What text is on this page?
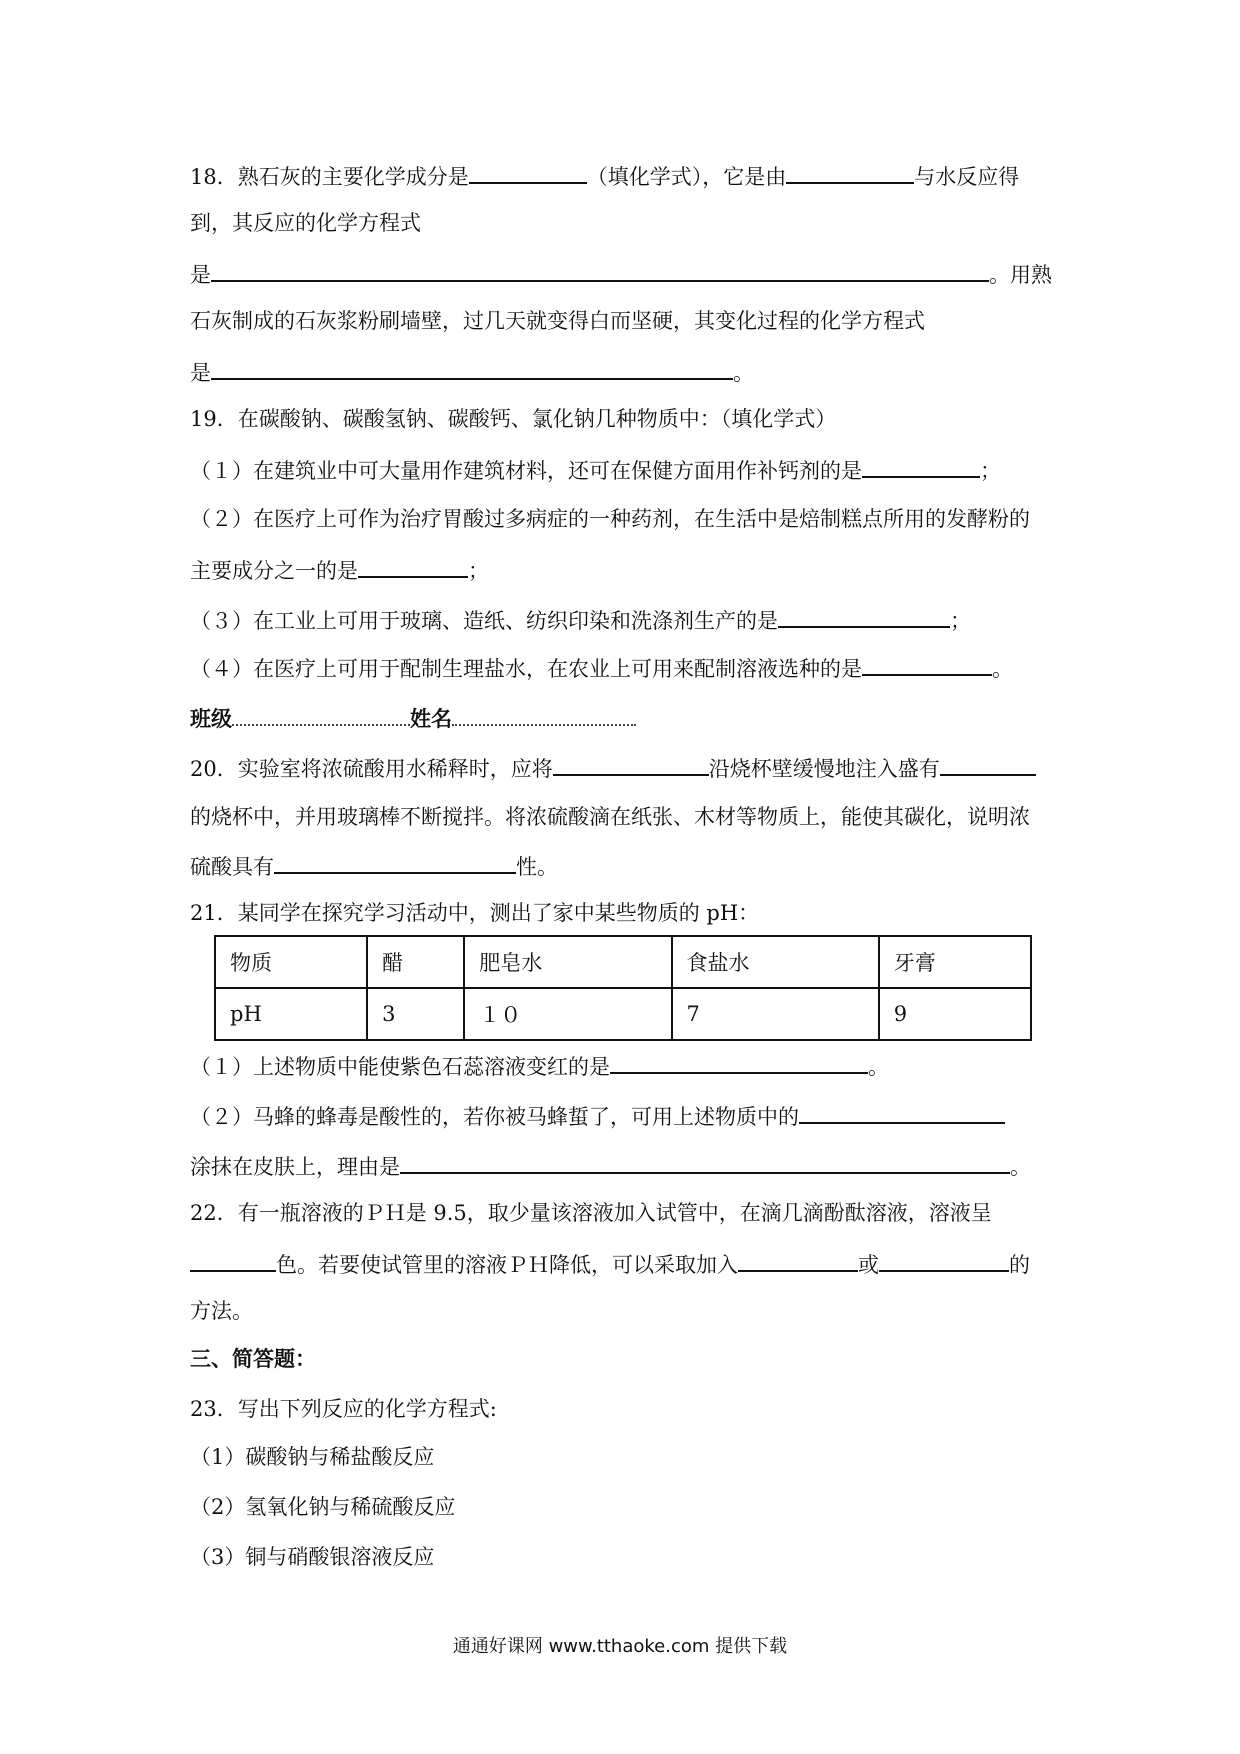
18．熟石灰的主要化学成分是	（填化学式），它是由	与水反应得
到，其反应的化学方程式
是	。用熟
石灰制成的石灰浆粉刷墙壁，过几天就变得白而坚硬，其变化过程的化学方程式
是	。
19．在碳酸钠、碳酸氢钠、碳酸钙、氯化钠几种物质中：（填化学式）
（１）在建筑业中可大量用作建筑材料，还可在保健方面用作补钙剂的是	；
（２）在医疗上可作为治疗胃酸过多病症的一种药剂，在生活中是焙制糕点所用的发酵粉的
主要成分之一的是	；
（３）在工业上可用于玻璃、造纸、纺织印染和洗涤剂生产的是	；
（４）在医疗上可用于配制生理盐水，在农业上可用来配制溶液选种的是	。
班级	姓名
20．实验室将浓硫酸用水稀释时，应将	沿烧杯壁缓慢地注入盛有
的烧杯中，并用玻璃棒不断搅拌。将浓硫酸滴在纸张、木材等物质上，能使其碳化，说明浓
硫酸具有	性。
21．某同学在探究学习活动中，测出了家中某些物质的 pH：
物质	醋	肥皂水	食盐水	牙膏
pH	3	１０	7	9
（１）上述物质中能使紫色石蕊溶液变红的是	。
（２）马蜂的蜂毒是酸性的，若你被马蜂蜇了，可用上述物质中的
涂抹在皮肤上，理由是	。
22．有一瓶溶液的ＰＨ是 9.5，取少量该溶液加入试管中，在滴几滴酚酞溶液，溶液呈
色。若要使试管里的溶液ＰＨ降低，可以采取加入	或	的
方法。
三、简答题：
23．写出下列反应的化学方程式:
（1）碳酸钠与稀盐酸反应
（2）氢氧化钠与稀硫酸反应
（3）铜与硝酸银溶液反应
通通好课网 www.tthaoke.com 提供下载
